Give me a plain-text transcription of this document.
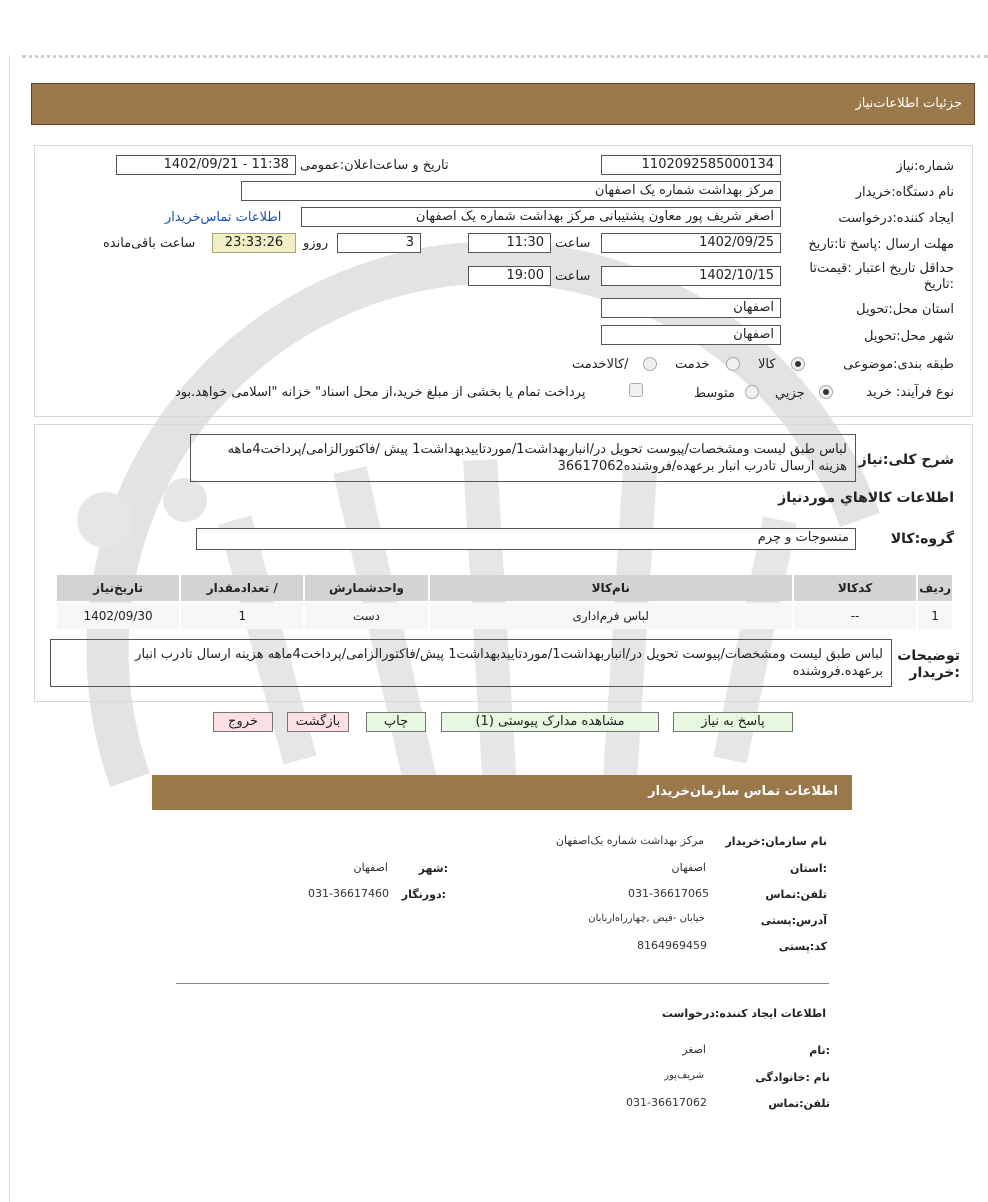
جزئیات اطلاعات‌نیاز
شماره:نیاز
1102092585000134
تاریخ و ساعت‌اعلان:عمومی
1402/09/21 - 11:38
نام دستگاه:خریدار
مرکز بهداشت شماره یک اصفهان
ایجاد کننده:درخواست
اصغر شریف پور معاون پشتیبانی مرکز بهداشت شماره یک اصفهان
اطلاعات تماس‌خریدار
مهلت ارسال :پاسخ تا:تاریخ
1402/09/25
ساعت
11:30
3
روزو
23:33:26
ساعت باقی‌مانده
حداقل تاریخ اعتبار :قیمت‌تا :تاریخ
1402/10/15
ساعت
19:00
استان محل:تحویل
اصفهان
شهر محل:تحویل
اصفهان
طبقه بندی:موضوعی
کالا
خدمت
/کالاخدمت
نوع فرآیند: خرید
جزیي
متوسط
پرداخت تمام یا بخشی از مبلغ خرید،از محل اسناد" خزانه "اسلامی خواهد.بود
شرح کلی:نیاز
لباس طبق لیست ومشخصات/پیوست تحویل در/انباربهداشت1/موردتاییدبهداشت1 پیش /فاکتورالزامی/پرداخت4ماهه هزینه ارسال تادرب انبار برعهده/فروشنده36617062
اطلاعات کالاهاي موردنياز
گروه:کالا
منسوجات و چرم
ردیف	کدکالا	نام‌کالا	واحدشمارش	/ تعدادمقدار	تاریخ‌نیاز
1	--	لباس فرم‌اداری	دست	1	1402/09/30
توضیحات :خریدار
لباس طبق لیست ومشخصات/پیوست تحویل در/انباربهداشت1/موردتاییدبهداشت1 پیش/فاکتورالزامی/پرداخت4ماهه هزینه ارسال تادرب انبار برعهده.فروشنده
پاسخ به نیاز
مشاهده مدارک پیوستی (1)
چاپ
بازگشت
خروج
اطلاعات تماس سازمان‌خریدار
نام سازمان:خریدار
مرکز بهداشت شماره یک‌اصفهان
:استان
اصفهان
:شهر
اصفهان
تلفن:تماس
031-36617065
:دورنگار
031-36617460
آدرس:پستی
خیابان -فیض ,چهارراه‌اربابان
کد:پستی
8164969459
اطلاعات ایجاد کننده:درخواست
:نام
اصغر
نام :خانوادگی
شریف‌پور
تلفن:تماس
031-36617062
